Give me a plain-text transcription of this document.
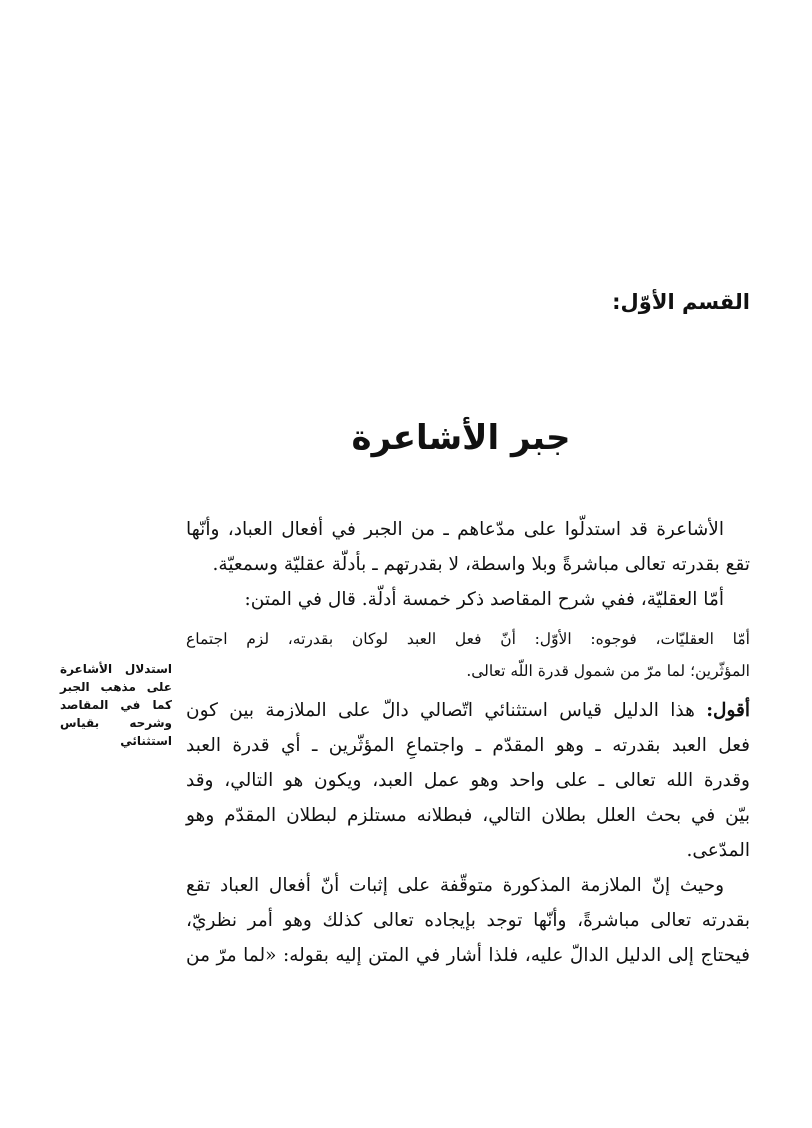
القسم الأوّل:
جبر الأشاعرة
استدلال الأشاعرة
على مذهب الجبر
كما في المقاصد
وشرحه بقياس
استثنائي
الأشاعرة قد استدلّوا على مدّعاهم ـ من الجبر في أفعال العباد، وأنّها
تقع بقدرته تعالى مباشرةً وبلا واسطة، لا بقدرتهم ـ بأدلّة عقليّة وسمعيّة.
أمّا العقليّة، ففي شرح المقاصد ذكر خمسة أدلّة. قال في المتن:
أمّا العقليّات، فوجوه: الأوّل: أنّ فعل العبد لوكان بقدرته، لزم اجتماع
المؤثّرين؛ لما مرّ من شمول قدرة اللّه تعالى.
أقول: هذا الدليل قياس استثنائي اتّصالي دالّ على الملازمة بين كون
فعل العبد بقدرته ـ وهو المقدّم ـ واجتماعِ المؤثّرين ـ أي قدرة العبد
وقدرة الله تعالى ـ على واحد وهو عمل العبد، ويكون هو التالي، وقد
بيّن في بحث العلل بطلان التالي، فبطلانه مستلزم لبطلان المقدّم وهو
المدّعى.
وحيث إنّ الملازمة المذكورة متوقّفة على إثبات أنّ أفعال العباد تقع
بقدرته تعالى مباشرةً، وأنّها توجد بإيجاده تعالى كذلك وهو أمر نظريّ،
فيحتاج إلى الدليل الدالّ عليه، فلذا أشار في المتن إليه بقوله: «لما مرّ من
